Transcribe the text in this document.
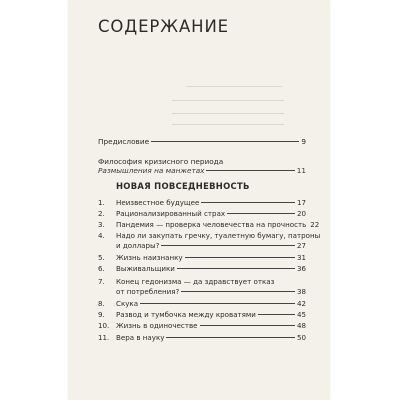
СОДЕРЖАНИЕ
Предисловие	9
Философия кризисного периода
Размышления на манжетах	11
НОВАЯ ПОВСЕДНЕВНОСТЬ
1. Неизвестное будущее	17
2. Рационализированный страх	20
3. Пандемия — проверка человечества на прочность 22
4. Надо ли закупать гречку, туалетную бумагу, патроны
и доллары?	27
5. Жизнь наизнанку	31
6. Выживальщики	36
7. Конец гедонизма — да здравствует отказ
от потребления?	38
8. Скука	42
9. Развод и тумбочка между кроватями	45
10. Жизнь в одиночестве	48
11. Вера в науку	50
